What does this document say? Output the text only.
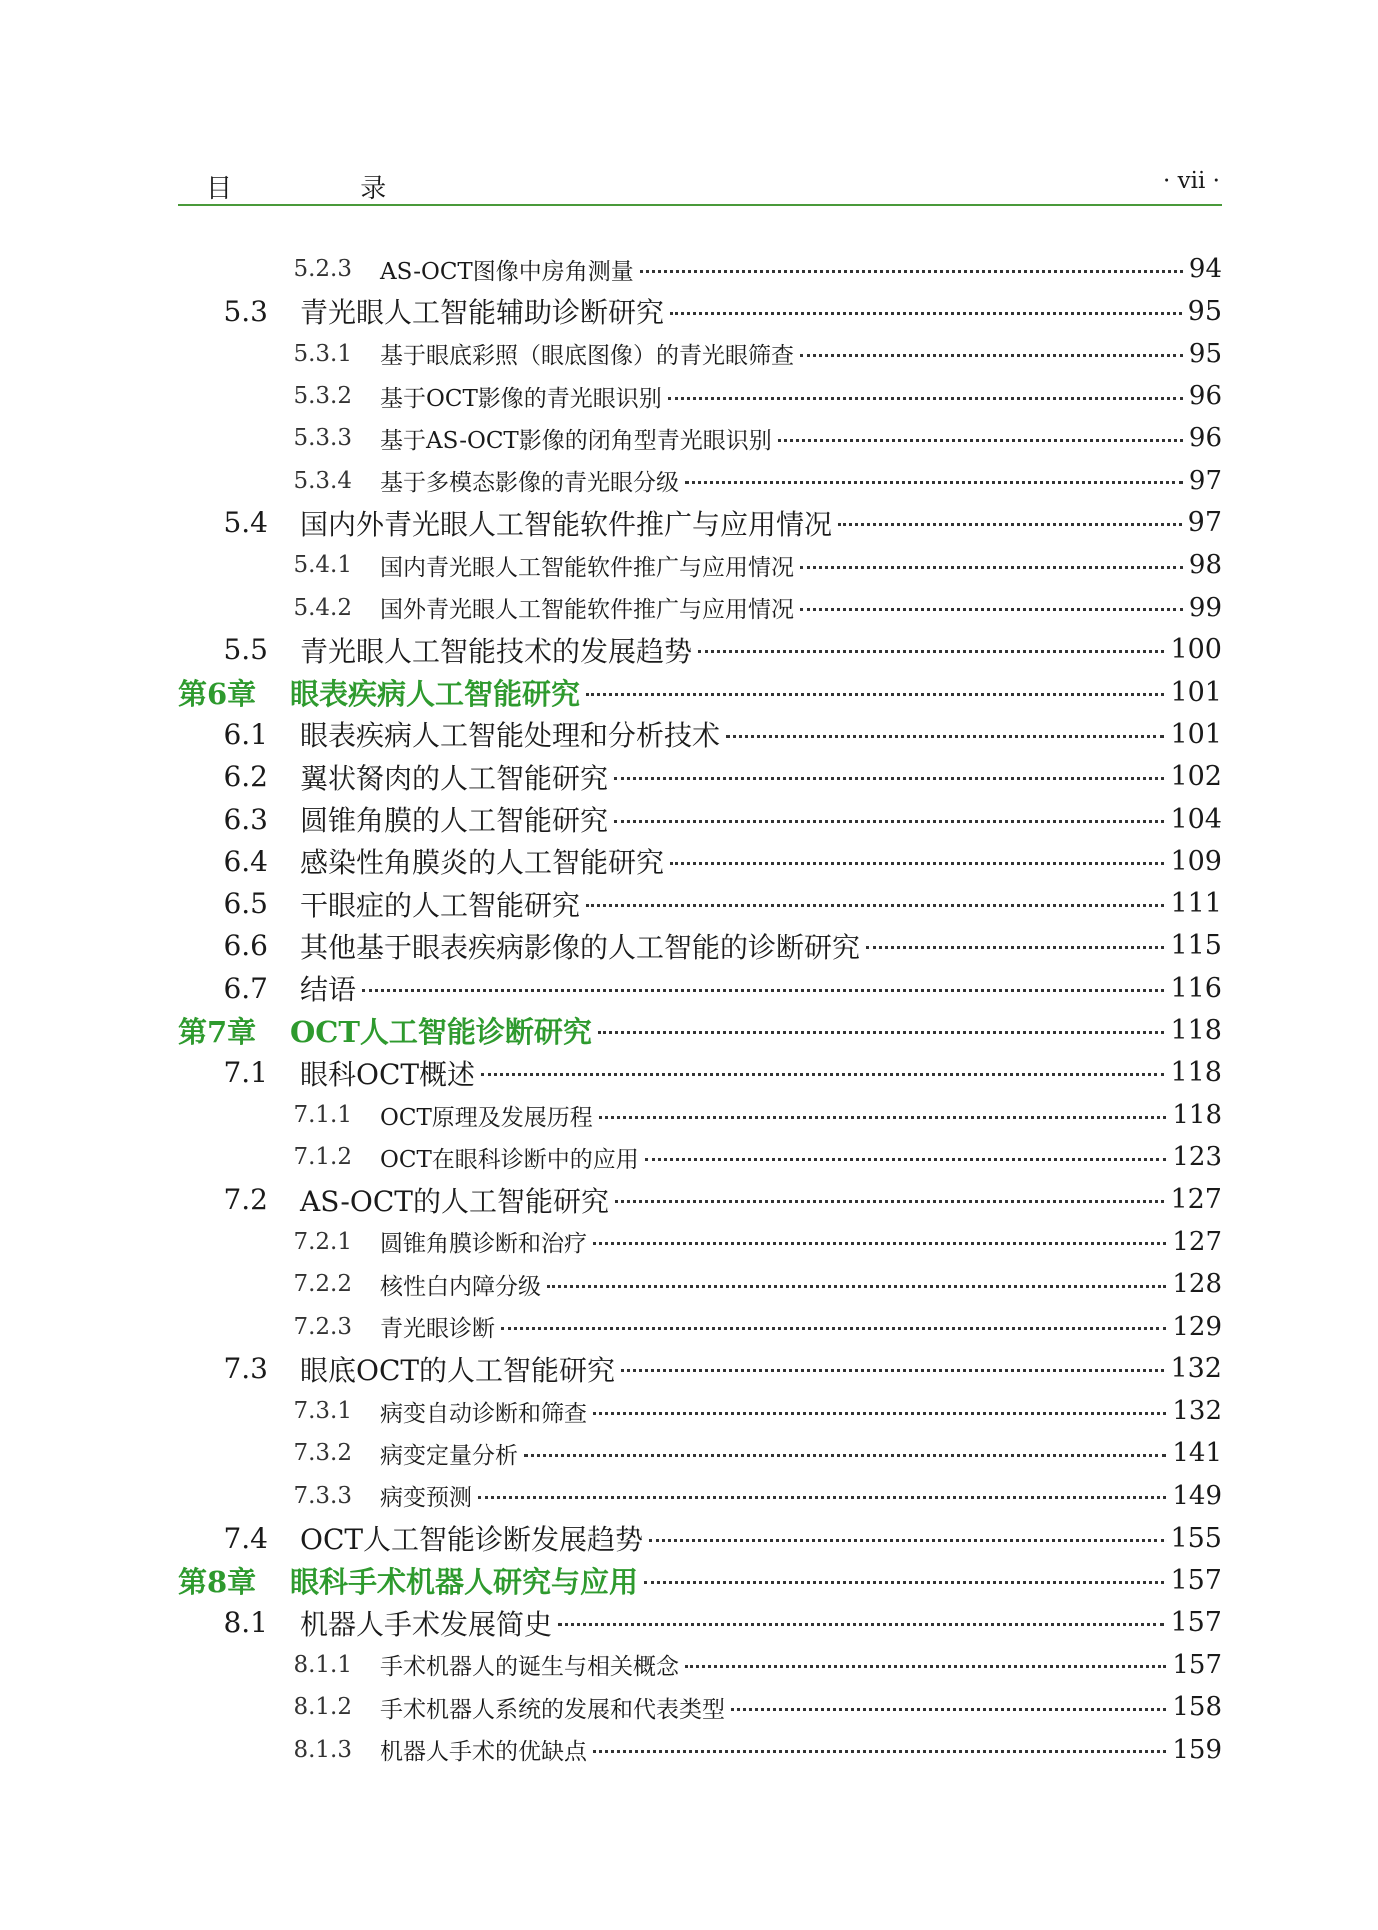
目 录	· vii ·
5.2.3 AS-OCT图像中房角测量	94
5.3 青光眼人工智能辅助诊断研究	95
5.3.1 基于眼底彩照（眼底图像）的青光眼筛查	95
5.3.2 基于OCT影像的青光眼识别	96
5.3.3 基于AS-OCT影像的闭角型青光眼识别	96
5.3.4 基于多模态影像的青光眼分级	97
5.4 国内外青光眼人工智能软件推广与应用情况	97
5.4.1 国内青光眼人工智能软件推广与应用情况	98
5.4.2 国外青光眼人工智能软件推广与应用情况	99
5.5 青光眼人工智能技术的发展趋势	100
第6章 眼表疾病人工智能研究	101
6.1 眼表疾病人工智能处理和分析技术	101
6.2 翼状胬肉的人工智能研究	102
6.3 圆锥角膜的人工智能研究	104
6.4 感染性角膜炎的人工智能研究	109
6.5 干眼症的人工智能研究	111
6.6 其他基于眼表疾病影像的人工智能的诊断研究	115
6.7 结语	116
第7章 OCT人工智能诊断研究	118
7.1 眼科OCT概述	118
7.1.1 OCT原理及发展历程	118
7.1.2 OCT在眼科诊断中的应用	123
7.2 AS-OCT的人工智能研究	127
7.2.1 圆锥角膜诊断和治疗	127
7.2.2 核性白内障分级	128
7.2.3 青光眼诊断	129
7.3 眼底OCT的人工智能研究	132
7.3.1 病变自动诊断和筛查	132
7.3.2 病变定量分析	141
7.3.3 病变预测	149
7.4 OCT人工智能诊断发展趋势	155
第8章 眼科手术机器人研究与应用	157
8.1 机器人手术发展简史	157
8.1.1 手术机器人的诞生与相关概念	157
8.1.2 手术机器人系统的发展和代表类型	158
8.1.3 机器人手术的优缺点	159
